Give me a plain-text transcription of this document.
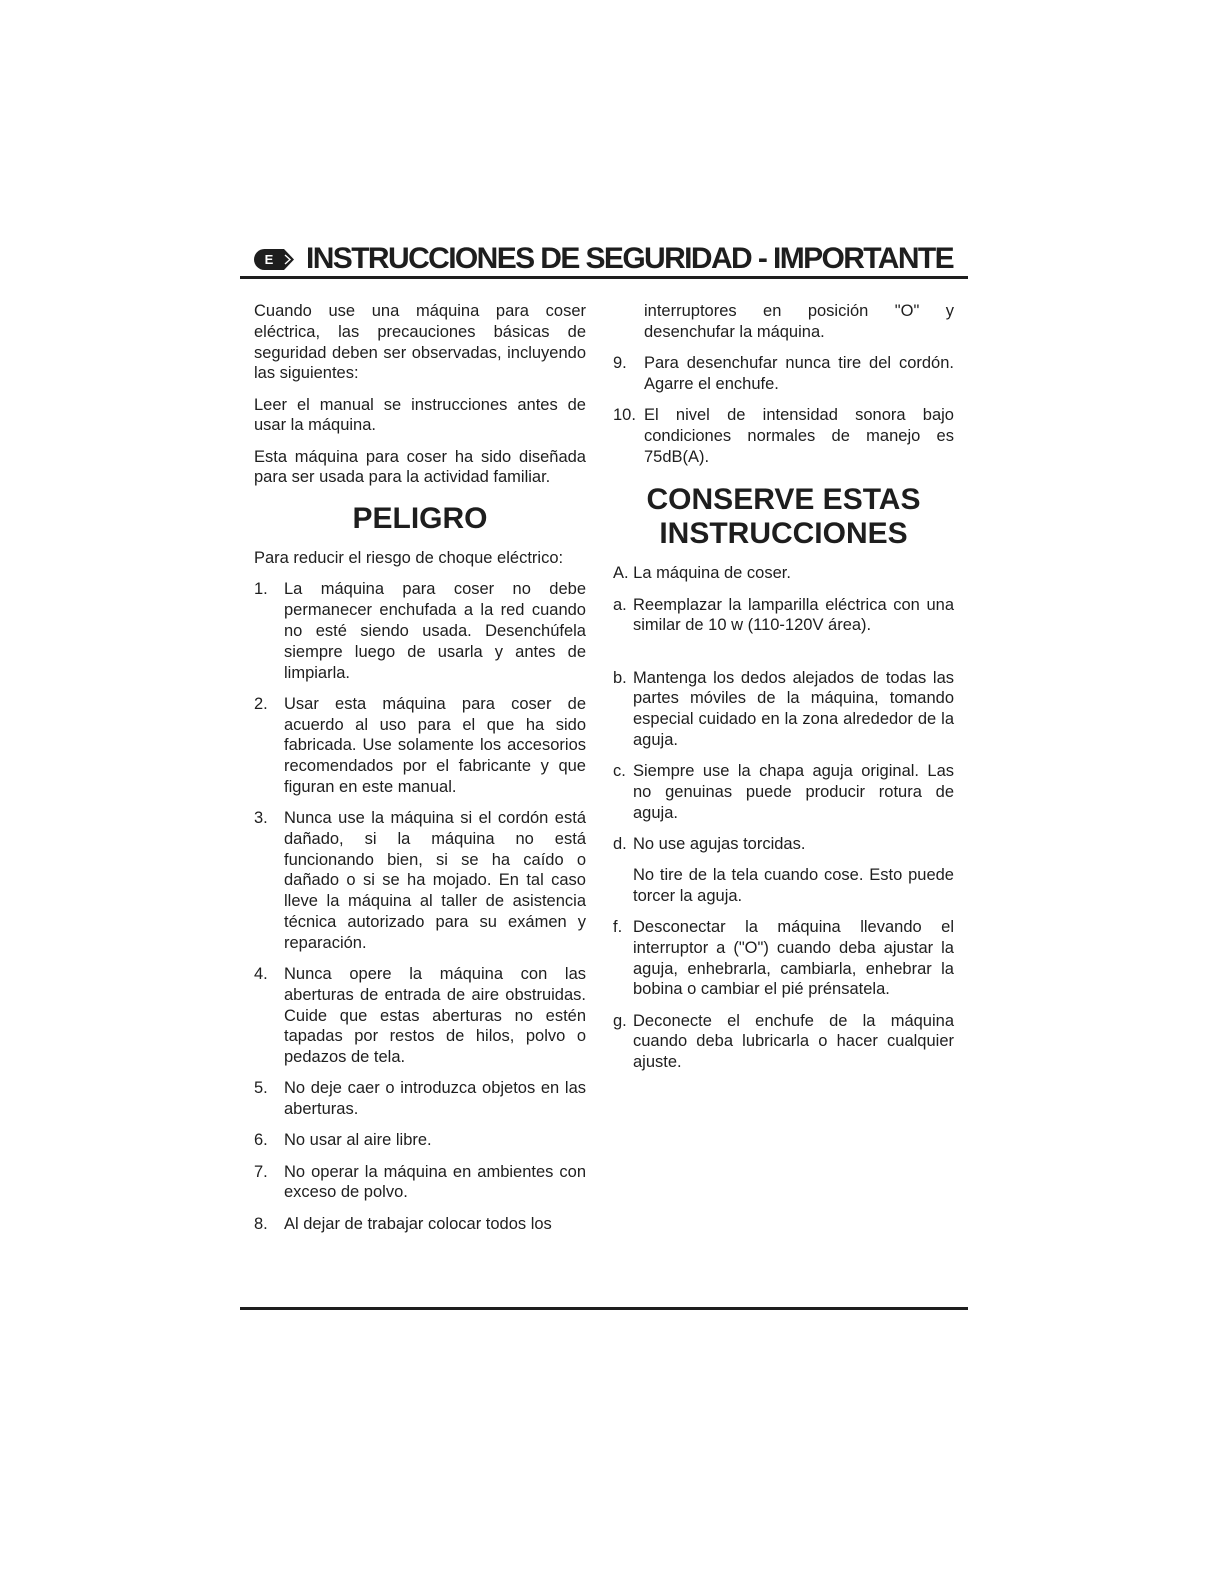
E	INSTRUCCIONES DE SEGURIDAD - IMPORTANTE

Cuando use una máquina para coser eléctrica, las precauciones básicas de seguridad deben ser observadas, incluyendo las siguientes:

Leer el manual se instrucciones antes de usar la máquina.

Esta máquina para coser ha sido diseñada para ser usada para la actividad familiar.

PELIGRO

Para reducir el riesgo de choque eléctrico:

1. La máquina para coser no debe permanecer enchufada a la red cuando no esté siendo usada. Desenchúfela siempre luego de usarla y antes de limpiarla.
2. Usar esta máquina para coser de acuerdo al uso para el que ha sido fabricada. Use solamente los accesorios recomendados por el fabricante y que figuran en este manual.
3. Nunca use la máquina si el cordón está dañado, si la máquina no está funcionando bien, si se ha caído o dañado o si se ha mojado. En tal caso lleve la máquina al taller de asistencia técnica autorizado para su exámen y reparación.
4. Nunca opere la máquina con las aberturas de entrada de aire obstruidas. Cuide que estas aberturas no estén tapadas por restos de hilos, polvo o pedazos de tela.
5. No deje caer o introduzca objetos en las aberturas.
6. No usar al aire libre.
7. No operar la máquina en ambientes con exceso de polvo.
8. Al dejar de trabajar colocar todos los
interruptores en posición "O" y desenchufar la máquina.
9.	Para desenchufar nunca tire del cordón. Agarre el enchufe.
10. El nivel de intensidad sonora bajo condiciones normales de manejo es 75dB(A).
CONSERVE ESTAS
INSTRUCCIONES

A. La máquina de coser.

a. Reemplazar la lamparilla eléctrica con una similar de 10 w (110-120V área).
b. Mantenga los dedos alejados de todas las partes móviles de la máquina, tomando especial cuidado en la zona alrededor de la aguja.
c. Siempre use la chapa aguja original. Las no genuinas puede producir rotura de aguja.
d. No use agujas torcidas.
No tire de la tela cuando cose. Esto puede torcer la aguja.
f. Desconectar la máquina llevando el interruptor a ("O") cuando deba ajustar la aguja, enhebrarla, cambiarla, enhebrar la bobina o cambiar el pié prénsatela.
g. Deconecte el enchufe de la máquina cuando deba lubricarla o hacer cualquier ajuste.
